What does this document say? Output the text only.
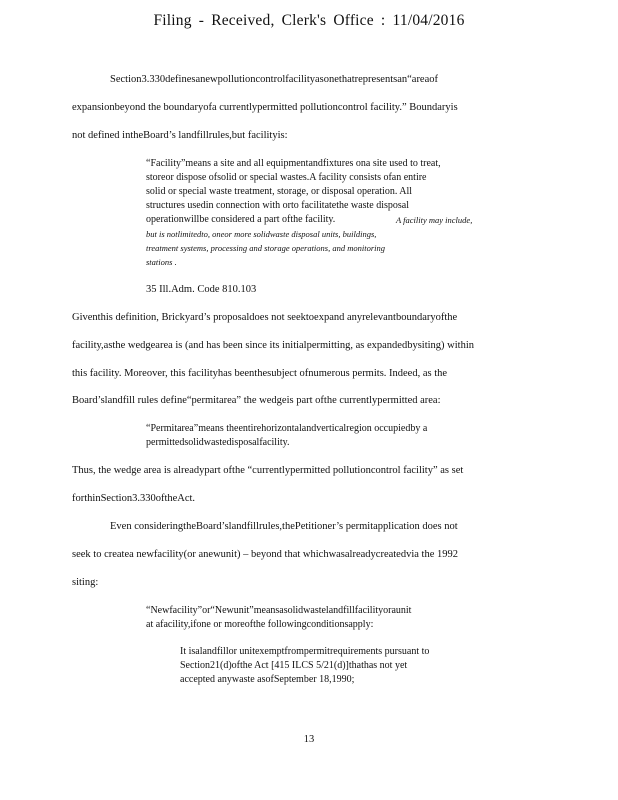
Filing - Received, Clerk's Office : 11/04/2016
Section3.330definesanewpollutioncontrolfacilityasonethatrepresentsan“areaof
expansionbeyond the boundaryofa currentlypermitted pollutioncontrol facility.” Boundaryis
not defined intheBoard’s landfillrules,but facilityis:
“Facility”means a site and all equipmentandfixtures ona site used to treat,
storeor dispose ofsolid or special wastes.A facility consists ofan entire
solid or special waste treatment, storage, or disposal operation. All
structures usedin connection with orto facilitatethe waste disposal
operationwillbe considered a part ofthe facility.	A facility may include,
but is notlimitedto, oneor more solidwaste disposal units, buildings,
treatment systems, processing and storage operations, and monitoring
stations .
35 Ill.Adm. Code 810.103
Giventhis definition, Brickyard’s proposaldoes not seektoexpand anyrelevantboundaryofthe
facility,asthe wedgearea is (and has been since its initialpermitting, as expandedbysiting) within
this facility. Moreover, this facilityhas beenthesubject ofnumerous permits. Indeed, as the
Board’slandfill rules define“permitarea” the wedgeis part ofthe currentlypermitted area:
“Permitarea”means theentirehorizontalandverticalregion occupiedby a
permittedsolidwastedisposalfacility.
Thus, the wedge area is alreadypart ofthe “currentlypermitted pollutioncontrol facility” as set
forthinSection3.330oftheAct.
Even consideringtheBoard’slandfillrules,thePetitioner’s permitapplication does not
seek to createa newfacility(or anewunit) – beyond that whichwasalreadycreatedvia the 1992
siting:
“Newfacility”or“Newunit”meansasolidwastelandfillfacilityoraunit
at afacility,ifone or moreofthe followingconditionsapply:
It isalandfillor unitexemptfrompermitrequirements pursuant to
Section21(d)ofthe Act [415 ILCS 5/21(d)]thathas not yet
accepted anywaste asofSeptember 18,1990;
13
